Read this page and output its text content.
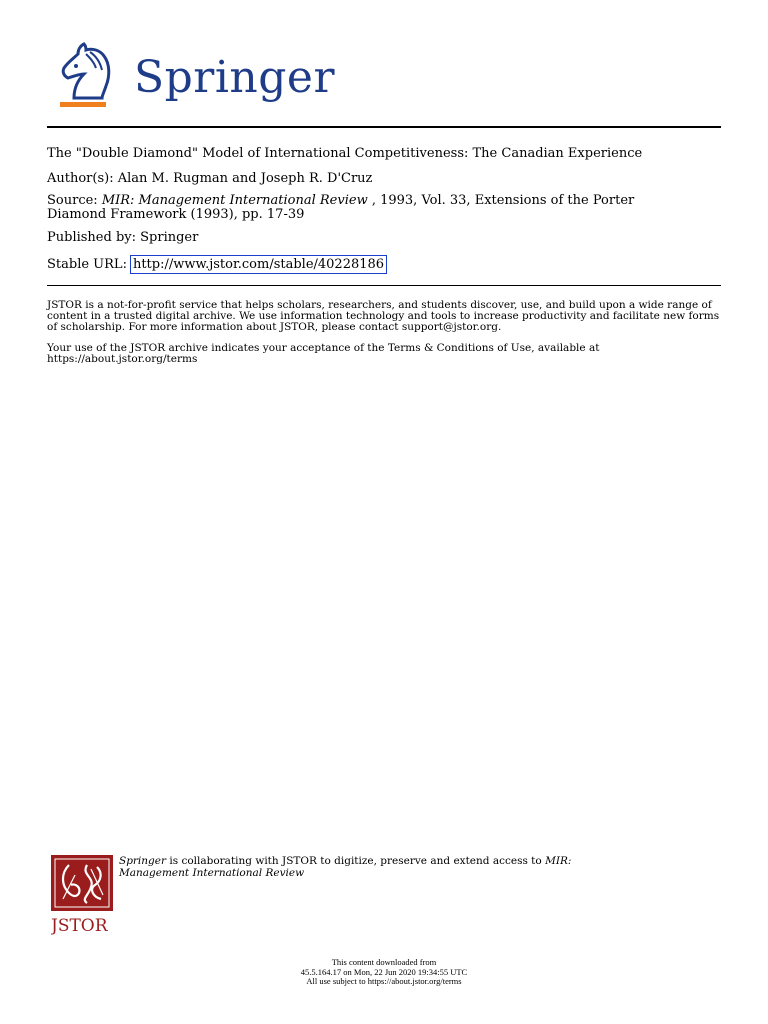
Springer
The "Double Diamond" Model of International Competitiveness: The Canadian Experience
Author(s): Alan M. Rugman and Joseph R. D'Cruz
Source: MIR: Management International Review , 1993, Vol. 33, Extensions of the Porter
Diamond Framework (1993), pp. 17-39
Published by: Springer
Stable URL: http://www.jstor.com/stable/40228186
JSTOR is a not-for-profit service that helps scholars, researchers, and students discover, use, and build upon a wide range of content in a trusted digital archive. We use information technology and tools to increase productivity and facilitate new forms of scholarship. For more information about JSTOR, please contact support@jstor.org.
Your use of the JSTOR archive indicates your acceptance of the Terms & Conditions of Use, available at https://about.jstor.org/terms
JSTOR
Springer is collaborating with JSTOR to digitize, preserve and extend access to MIR: Management International Review
This content downloaded from
45.5.164.17 on Mon, 22 Jun 2020 19:34:55 UTC
All use subject to https://about.jstor.org/terms
